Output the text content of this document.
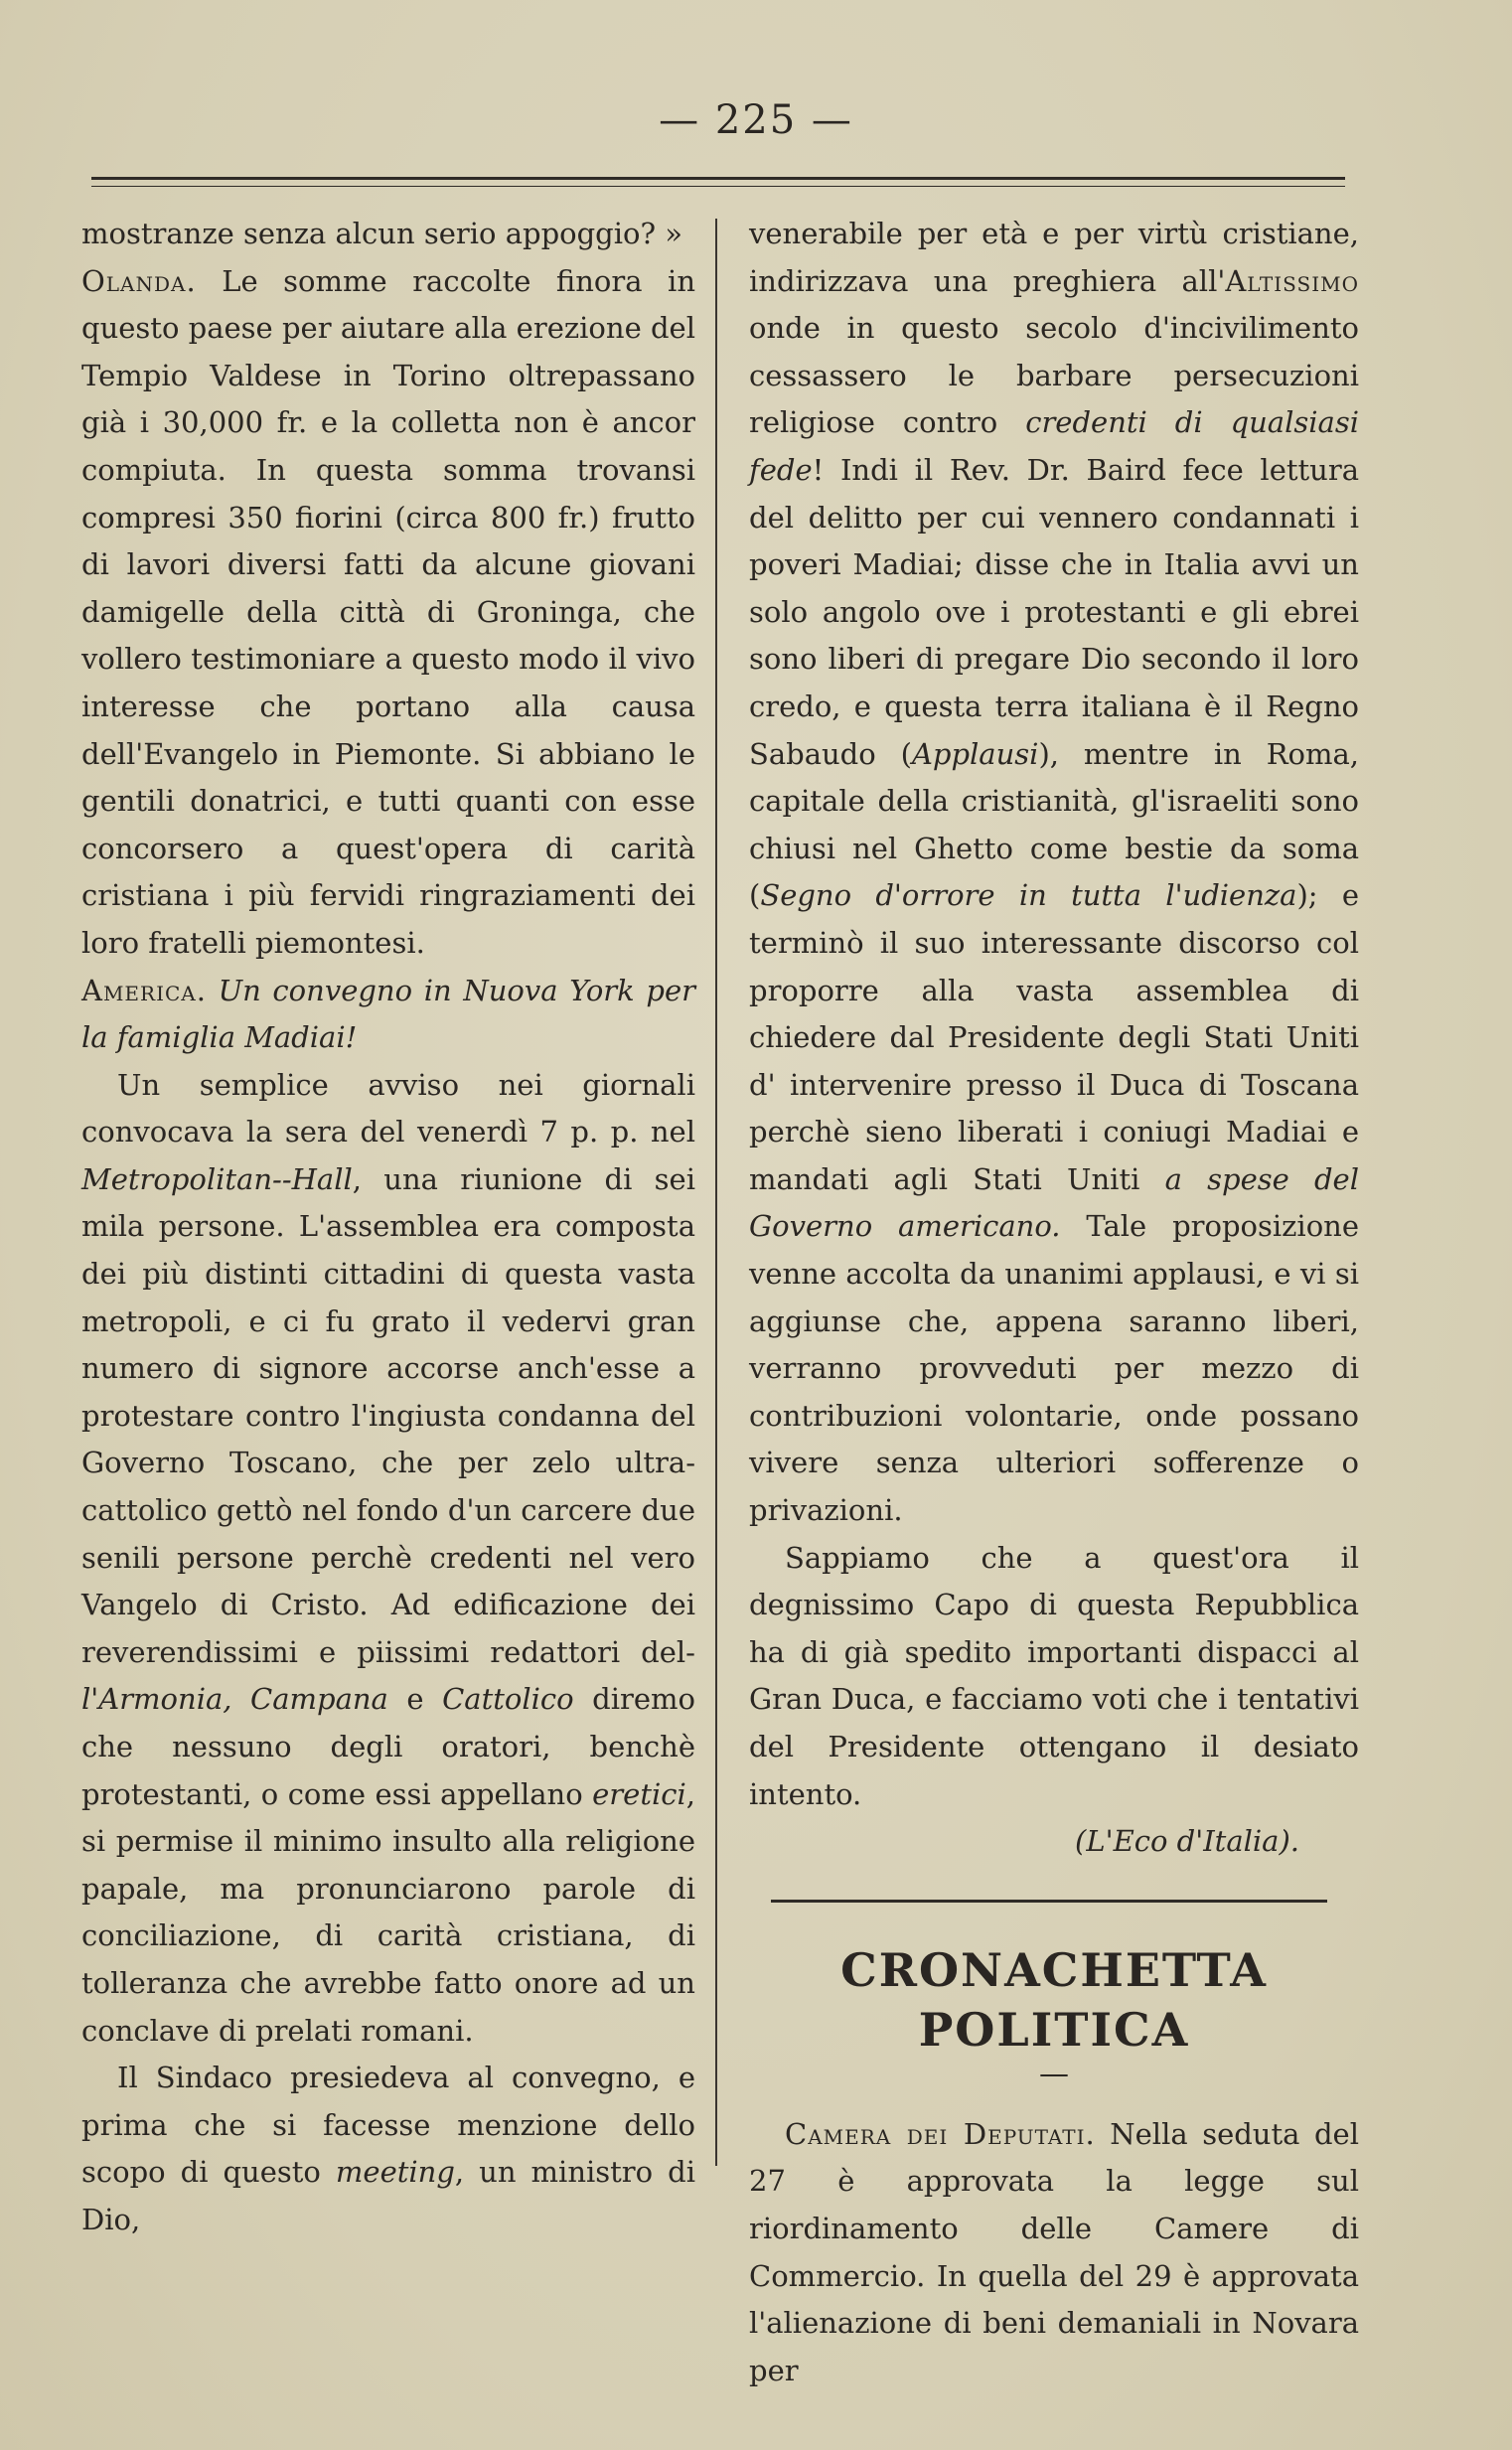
— 225 —

mostranze senza alcun serio appoggio? »

Olanda. Le somme raccolte finora in questo paese per aiutare alla erezione del Tempio Valdese in Torino oltrepassano già i 30,000 fr. e la colletta non è ancor compiuta. In questa somma trovansi compresi 350 fiorini (circa 800 fr.) frutto di lavori diversi fatti da alcune giovani damigelle della città di Groninga, che vollero testimoniare a questo modo il vivo interesse che portano alla causa dell'Evangelo in Piemonte. Si abbiano le gentili donatrici, e tutti quanti con esse concorsero a quest'opera di carità cristiana i più fervidi ringraziamenti dei loro fratelli piemontesi.

America. Un convegno in Nuova York per la famiglia Madiai!

Un semplice avviso nei giornali convocava la sera del venerdì 7 p. p. nel Metropolitan--Hall, una riunione di sei mila persone. L'assemblea era composta dei più distinti cittadini di questa vasta metropoli, e ci fu grato il vedervi gran numero di signore accorse anch'esse a protestare contro l'ingiusta condanna del Governo Toscano, che per zelo ultra-cattolico gettò nel fondo d'un carcere due senili persone perchè credenti nel vero Vangelo di Cristo. Ad edificazione dei reverendissimi e piissimi redattori del-l'Armonia, Campana e Cattolico diremo che nessuno degli oratori, benchè protestanti, o come essi appellano eretici, si permise il minimo insulto alla religione papale, ma pronunciarono parole di conciliazione, di carità cristiana, di tolleranza che avrebbe fatto onore ad un conclave di prelati romani.

Il Sindaco presiedeva al convegno, e prima che si facesse menzione dello scopo di questo meeting, un ministro di Dio,

venerabile per età e per virtù cristiane, indirizzava una preghiera all'Altissimo onde in questo secolo d'incivilimento cessassero le barbare persecuzioni religiose contro credenti di qualsiasi fede! Indi il Rev. Dr. Baird fece lettura del delitto per cui vennero condannati i poveri Madiai; disse che in Italia avvi un solo angolo ove i protestanti e gli ebrei sono liberi di pregare Dio secondo il loro credo, e questa terra italiana è il Regno Sabaudo (Applausi), mentre in Roma, capitale della cristianità, gl'israeliti sono chiusi nel Ghetto come bestie da soma (Segno d'orrore in tutta l'udienza); e terminò il suo interessante discorso col proporre alla vasta assemblea di chiedere dal Presidente degli Stati Uniti d' intervenire presso il Duca di Toscana perchè sieno liberati i coniugi Madiai e mandati agli Stati Uniti a spese del Governo americano. Tale proposizione venne accolta da unanimi applausi, e vi si aggiunse che, appena saranno liberi, verranno provveduti per mezzo di contribuzioni volontarie, onde possano vivere senza ulteriori sofferenze o privazioni.

Sappiamo che a quest'ora il degnissimo Capo di questa Repubblica ha di già spedito importanti dispacci al Gran Duca, e facciamo voti che i tentativi del Presidente ottengano il desiato intento.

(L'Eco d'Italia).

CRONACHETTA POLITICA
—

Camera dei Deputati. Nella seduta del 27 è approvata la legge sul riordinamento delle Camere di Commercio. In quella del 29 è approvata l'alienazione di beni demaniali in Novara per
